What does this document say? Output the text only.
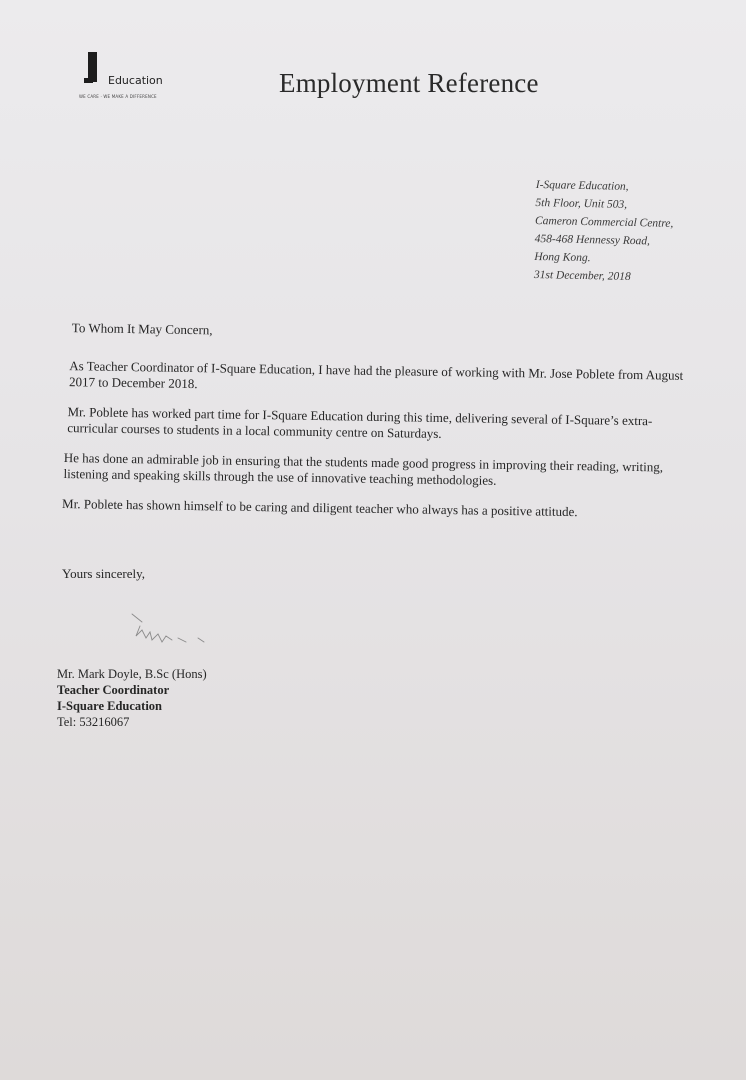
Education
WE CARE · WE MAKE A DIFFERENCE	Employment Reference
I-Square Education,
5th Floor, Unit 503,
Cameron Commercial Centre,
458-468 Hennessy Road,
Hong Kong.
31st December, 2018

To Whom It May Concern,

As Teacher Coordinator of I-Square Education, I have had the pleasure of working with Mr. Jose Poblete from August 2017 to December 2018.

Mr. Poblete has worked part time for I-Square Education during this time, delivering several of I-Square’s extra-curricular courses to students in a local community centre on Saturdays.

He has done an admirable job in ensuring that the students made good progress in improving their reading, writing, listening and speaking skills through the use of innovative teaching methodologies.

Mr. Poblete has shown himself to be caring and diligent teacher who always has a positive attitude.

Yours sincerely,
Mr. Mark Doyle, B.Sc (Hons)
Teacher Coordinator
I-Square Education
Tel: 53216067
